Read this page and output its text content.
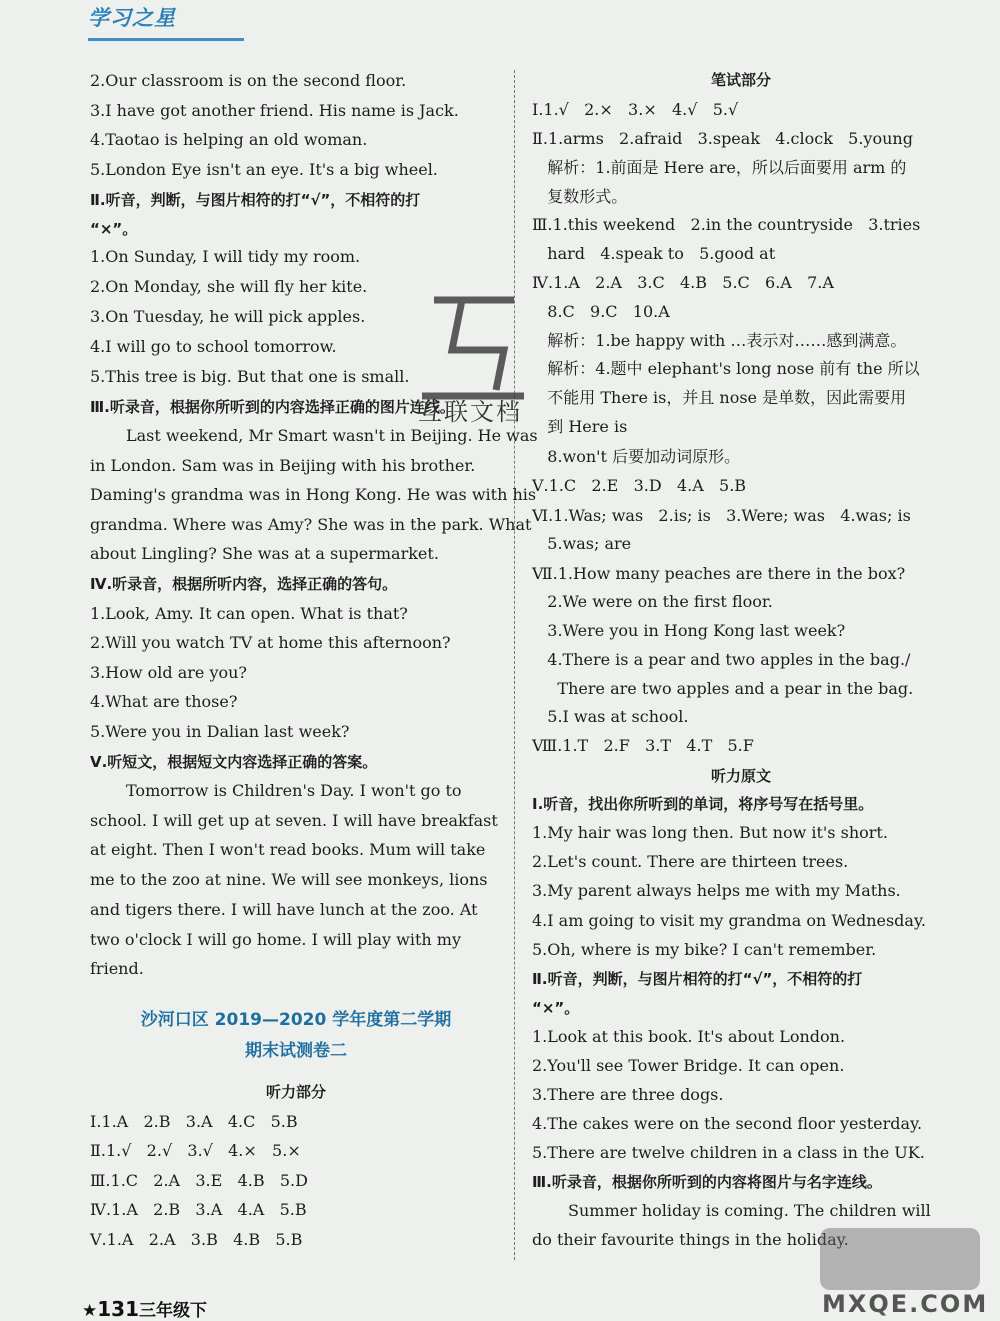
学习之星
2.Our classroom is on the second floor.
3.I have got another friend. His name is Jack.
4.Taotao is helping an old woman.
5.London Eye isn't an eye. It's a big wheel.
Ⅱ.听音，判断，与图片相符的打“√”，不相符的打
“×”。
1.On Sunday, I will tidy my room.
2.On Monday, she will fly her kite.
3.On Tuesday, he will pick apples.
4.I will go to school tomorrow.
5.This tree is big. But that one is small.
Ⅲ.听录音，根据你所听到的内容选择正确的图片连线。
Last weekend, Mr Smart wasn't in Beijing. He was
in London. Sam was in Beijing with his brother.
Daming's grandma was in Hong Kong. He was with his
grandma. Where was Amy? She was in the park. What
about Lingling? She was at a supermarket.
Ⅳ.听录音，根据所听内容，选择正确的答句。
1.Look, Amy. It can open. What is that?
2.Will you watch TV at home this afternoon?
3.How old are you?
4.What are those?
5.Were you in Dalian last week?
Ⅴ.听短文，根据短文内容选择正确的答案。
Tomorrow is Children's Day. I won't go to
school. I will get up at seven. I will have breakfast
at eight. Then I won't read books. Mum will take
me to the zoo at nine. We will see monkeys, lions
and tigers there. I will have lunch at the zoo. At
two o'clock I will go home. I will play with my
friend.
沙河口区 2019—2020 学年度第二学期
期末试测卷二
听力部分
Ⅰ.1.A   2.B   3.A   4.C   5.B
Ⅱ.1.√   2.√   3.√   4.×   5.×
Ⅲ.1.C   2.A   3.E   4.B   5.D
Ⅳ.1.A   2.B   3.A   4.A   5.B
Ⅴ.1.A   2.A   3.B   4.B   5.B
笔试部分
Ⅰ.1.√   2.×   3.×   4.√   5.√
Ⅱ.1.arms   2.afraid   3.speak   4.clock   5.young
解析：1.前面是 Here are，所以后面要用 arm 的
复数形式。
Ⅲ.1.this weekend   2.in the countryside   3.tries
hard   4.speak to   5.good at
Ⅳ.1.A   2.A   3.C   4.B   5.C   6.A   7.A
8.C   9.C   10.A
解析：1.be happy with …表示对……感到满意。
解析：4.题中 elephant's long nose 前有 the 所以
不能用 There is，并且 nose 是单数，因此需要用
到 Here is
8.won't 后要加动词原形。
Ⅴ.1.C   2.E   3.D   4.A   5.B
Ⅵ.1.Was; was   2.is; is   3.Were; was   4.was; is
5.was; are
Ⅶ.1.How many peaches are there in the box?
2.We were on the first floor.
3.Were you in Hong Kong last week?
4.There is a pear and two apples in the bag./
There are two apples and a pear in the bag.
5.I was at school.
Ⅷ.1.T   2.F   3.T   4.T   5.F
听力原文
Ⅰ.听音，找出你所听到的单词，将序号写在括号里。
1.My hair was long then. But now it's short.
2.Let's count. There are thirteen trees.
3.My parent always helps me with my Maths.
4.I am going to visit my grandma on Wednesday.
5.Oh, where is my bike? I can't remember.
Ⅱ.听音，判断，与图片相符的打“√”，不相符的打
“×”。
1.Look at this book. It's about London.
2.You'll see Tower Bridge. It can open.
3.There are three dogs.
4.The cakes were on the second floor yesterday.
5.There are twelve children in a class in the UK.
Ⅲ.听录音，根据你所听到的内容将图片与名字连线。
Summer holiday is coming. The children will
do their favourite things in the holiday.
互联文档
MXQE.COM
★131三年级下
